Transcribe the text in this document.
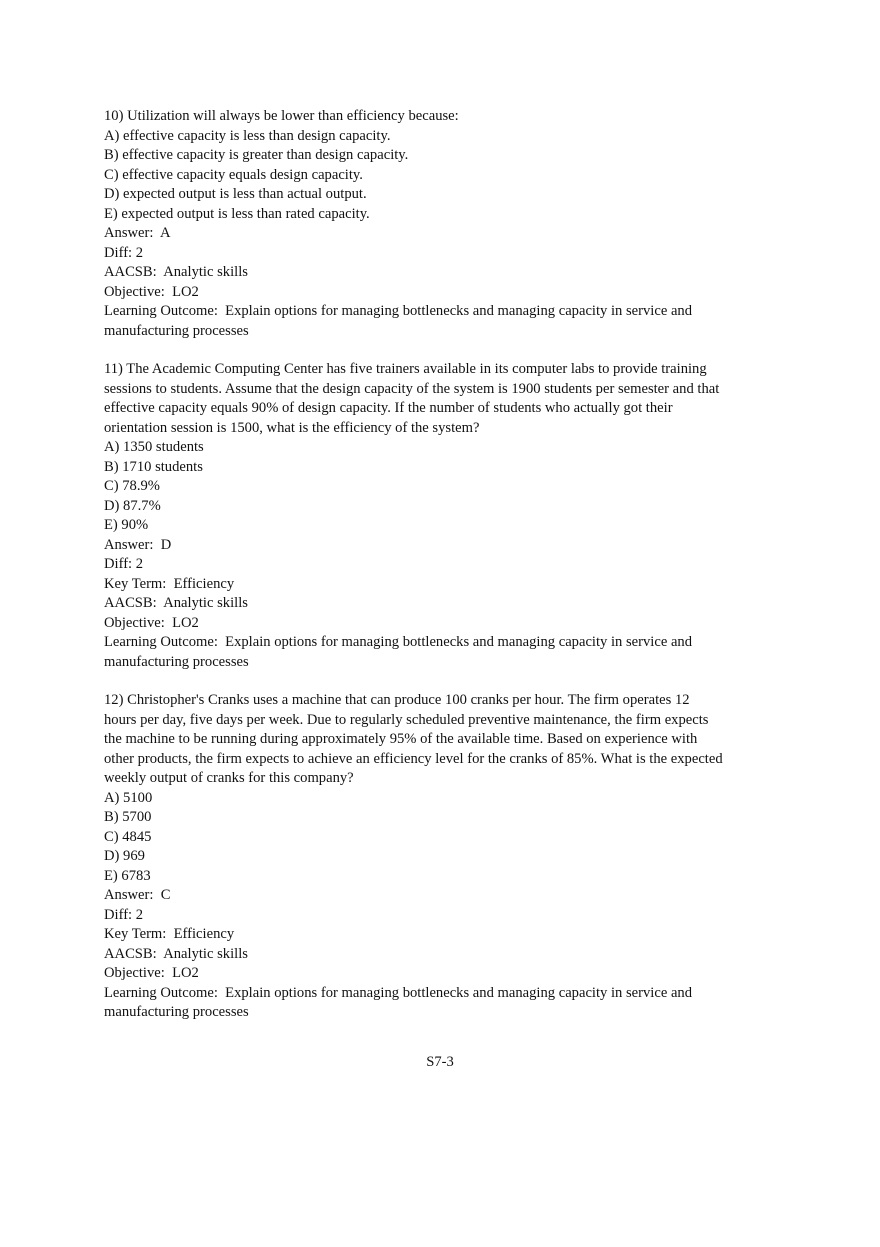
10) Utilization will always be lower than efficiency because:
A) effective capacity is less than design capacity.
B) effective capacity is greater than design capacity.
C) effective capacity equals design capacity.
D) expected output is less than actual output.
E) expected output is less than rated capacity.
Answer:  A
Diff: 2
AACSB:  Analytic skills
Objective:  LO2
Learning Outcome:  Explain options for managing bottlenecks and managing capacity in service and
manufacturing processes
11) The Academic Computing Center has five trainers available in its computer labs to provide training
sessions to students. Assume that the design capacity of the system is 1900 students per semester and that
effective capacity equals 90% of design capacity. If the number of students who actually got their
orientation session is 1500, what is the efficiency of the system?
A) 1350 students
B) 1710 students
C) 78.9%
D) 87.7%
E) 90%
Answer:  D
Diff: 2
Key Term:  Efficiency
AACSB:  Analytic skills
Objective:  LO2
Learning Outcome:  Explain options for managing bottlenecks and managing capacity in service and
manufacturing processes
12) Christopher's Cranks uses a machine that can produce 100 cranks per hour. The firm operates 12
hours per day, five days per week. Due to regularly scheduled preventive maintenance, the firm expects
the machine to be running during approximately 95% of the available time. Based on experience with
other products, the firm expects to achieve an efficiency level for the cranks of 85%. What is the expected
weekly output of cranks for this company?
A) 5100
B) 5700
C) 4845
D) 969
E) 6783
Answer:  C
Diff: 2
Key Term:  Efficiency
AACSB:  Analytic skills
Objective:  LO2
Learning Outcome:  Explain options for managing bottlenecks and managing capacity in service and
manufacturing processes
S7-3
